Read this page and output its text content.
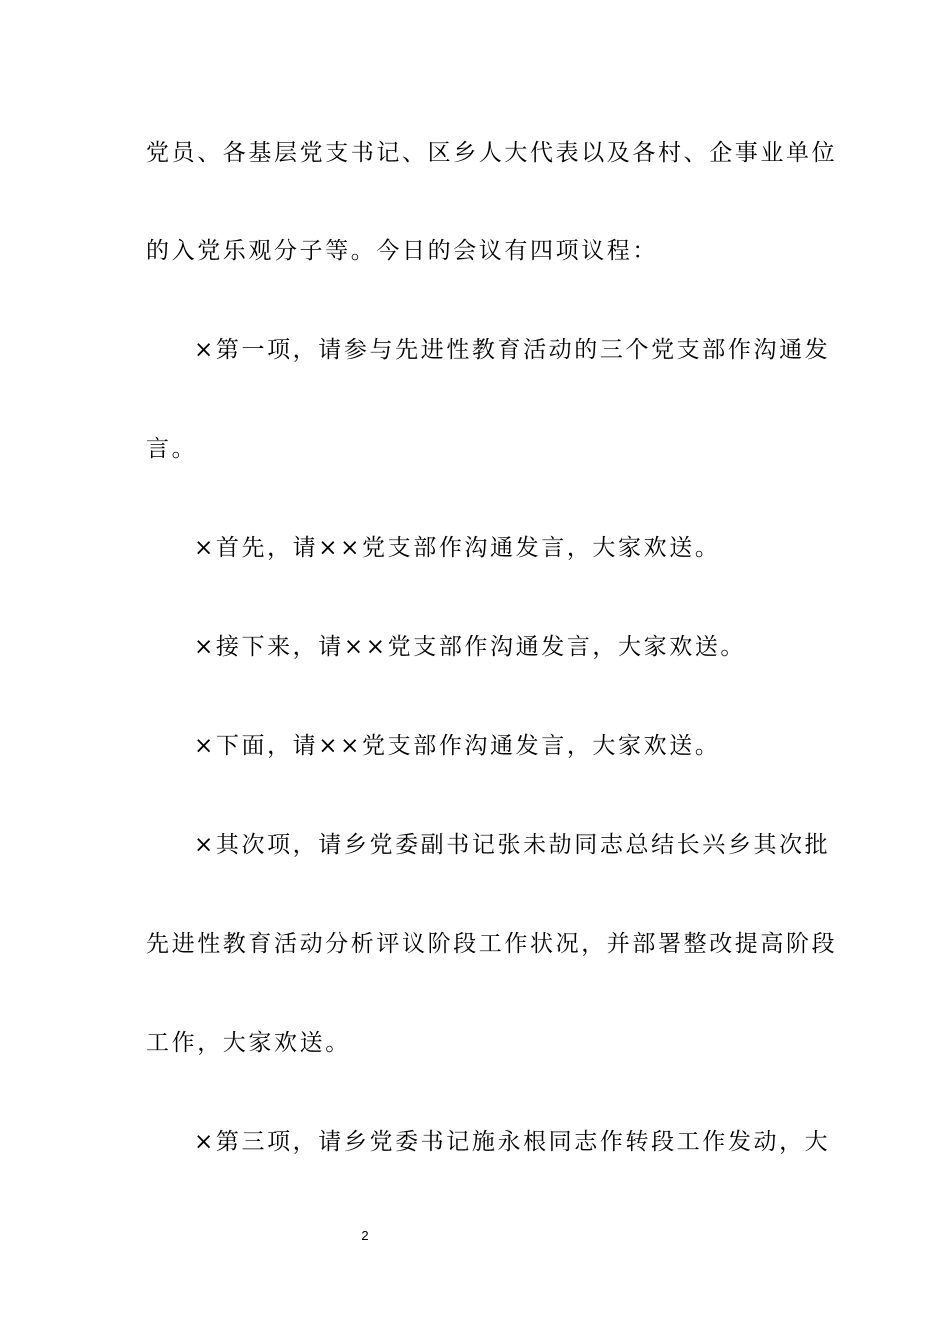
党员、各基层党支书记、区乡人大代表以及各村、企事业单位
的入党乐观分子等。今日的会议有四项议程：
×第一项，请参与先进性教育活动的三个党支部作沟通发
言。
×首先，请××党支部作沟通发言，大家欢送。
×接下来，请××党支部作沟通发言，大家欢送。
×下面，请××党支部作沟通发言，大家欢送。
×其次项，请乡党委副书记张未劼同志总结长兴乡其次批
先进性教育活动分析评议阶段工作状况，并部署整改提高阶段
工作，大家欢送。
×第三项，请乡党委书记施永根同志作转段工作发动，大
2
